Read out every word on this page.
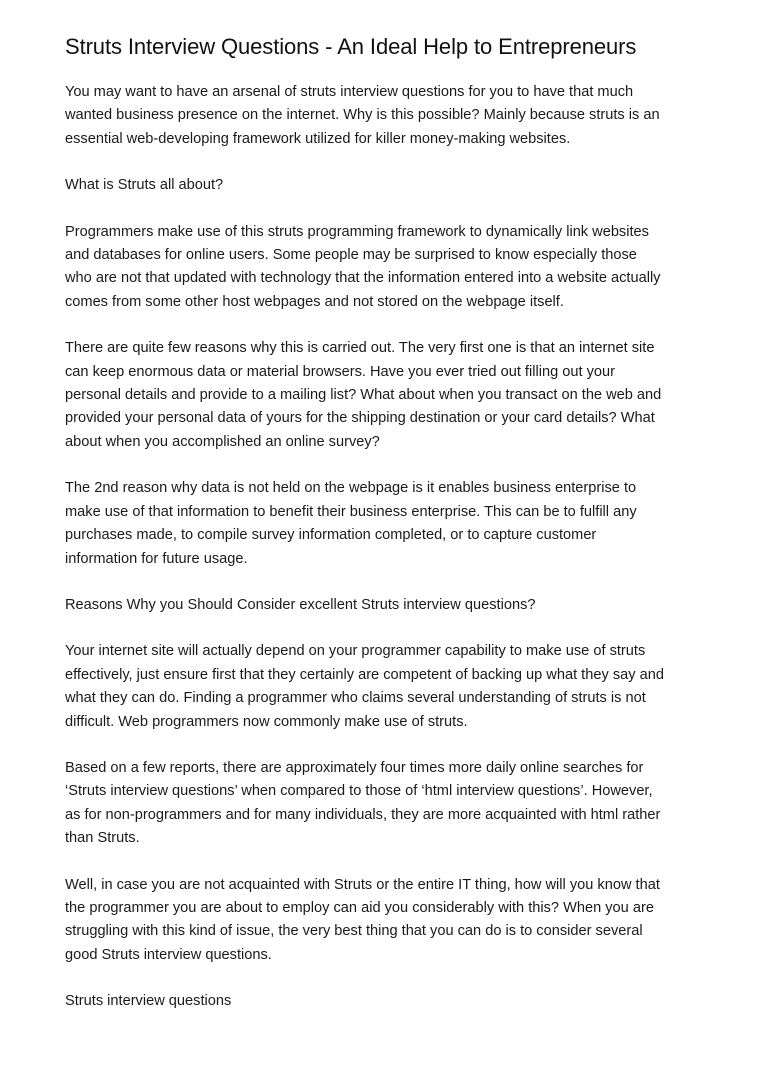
Struts Interview Questions - An Ideal Help to Entrepreneurs

You may want to have an arsenal of struts interview questions for you to have that much
wanted business presence on the internet. Why is this possible? Mainly because struts is an
essential web-developing framework utilized for killer money-making websites.

What is Struts all about?

Programmers make use of this struts programming framework to dynamically link websites
and databases for online users. Some people may be surprised to know especially those
who are not that updated with technology that the information entered into a website actually
comes from some other host webpages and not stored on the webpage itself.

There are quite few reasons why this is carried out. The very first one is that an internet site
can keep enormous data or material browsers. Have you ever tried out filling out your
personal details and provide to a mailing list? What about when you transact on the web and
provided your personal data of yours for the shipping destination or your card details? What
about when you accomplished an online survey?

The 2nd reason why data is not held on the webpage is it enables business enterprise to
make use of that information to benefit their business enterprise. This can be to fulfill any
purchases made, to compile survey information completed, or to capture customer
information for future usage.

Reasons Why you Should Consider excellent Struts interview questions?

Your internet site will actually depend on your programmer capability to make use of struts
effectively, just ensure first that they certainly are competent of backing up what they say and
what they can do. Finding a programmer who claims several understanding of struts is not
difficult. Web programmers now commonly make use of struts.

Based on a few reports, there are approximately four times more daily online searches for
‘Struts interview questions’ when compared to those of ‘html interview questions’. However,
as for non-programmers and for many individuals, they are more acquainted with html rather
than Struts.

Well, in case you are not acquainted with Struts or the entire IT thing, how will you know that
the programmer you are about to employ can aid you considerably with this? When you are
struggling with this kind of issue, the very best thing that you can do is to consider several
good Struts interview questions.

Struts interview questions
